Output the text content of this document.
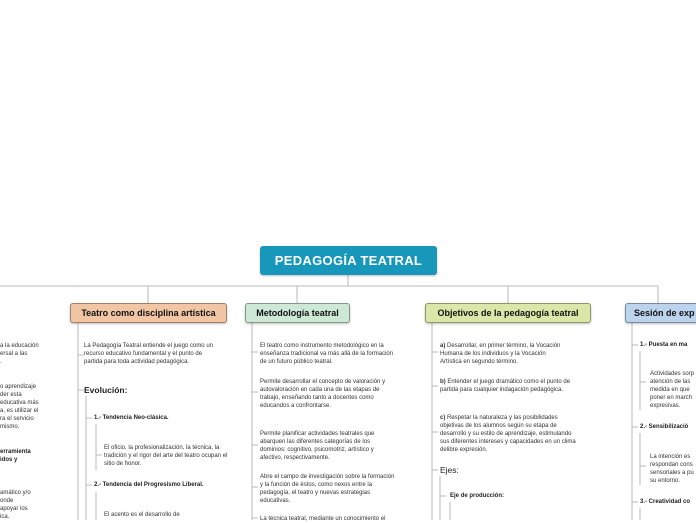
PEDAGOGÍA TEATRAL
Teatro como disciplina artística	Metodología teatral	Objetivos de la pedagogía teatral	Sesión de exp
a la educación
ersal a las
.
o aprendizaje
der esta
educativa más
a, es utilizar el
ra el servicio
mismo.
erramienta
idos y
amático y/o
onde
apoyar los
ica.
La Pedagogía Teatral entiende el juego como un recurso educativo fundamental y el punto de partida para toda actividad pedagógica.
Evolución:
1.- Tendencia Neo-clásica.
El oficio, la profesionalización, la técnica, la tradición y el rigor del arte del teatro ocupan el sitio de honor.
2.- Tendencia del Progresismo Liberal.
El acento es el desarrollo de
El teatro como instrumento metodológico en la enseñanza tradicional va más allá de la formación de un futuro público teatral.
Permite desarrollar el concepto de valoración y autovaloración en cada una de las etapas de trabajo, enseñando tanto a docentes como educandos a confrontarse.
Permite planificar actividades teatrales que abarquen las diferentes categorías de los dominios: cognitivo, psicomotriz, artístico y afectivo, respectivamente.
Abre el campo de investigación sobre la formación y la función de éstos, como nexos entre la pedagogía, el teatro y nuevas estrategias educativas.
La técnica teatral, mediante un conocimiento el
a) Desarrollar, en primer término, la Vocación Humana de los individuos y la Vocación Artística en segundo término.
b) Entender el juego dramático como el punto de partida para cualquier indagación pedagógica.
c) Respetar la naturaleza y las posibilidades objetivas de los alumnos según su etapa de desarrollo y su estilo de aprendizaje, estimulando sus diferentes intereses y capacidades en un clima delibre expresión.
Ejes:
Eje de producción:
1.- Puesta en ma
Actividades sorp atención de las medida en que poner en march expresivas.
2.- Sensibilizació
La intención es respondan cons sensoriales a pu su entorno.
3.- Creatividad co
